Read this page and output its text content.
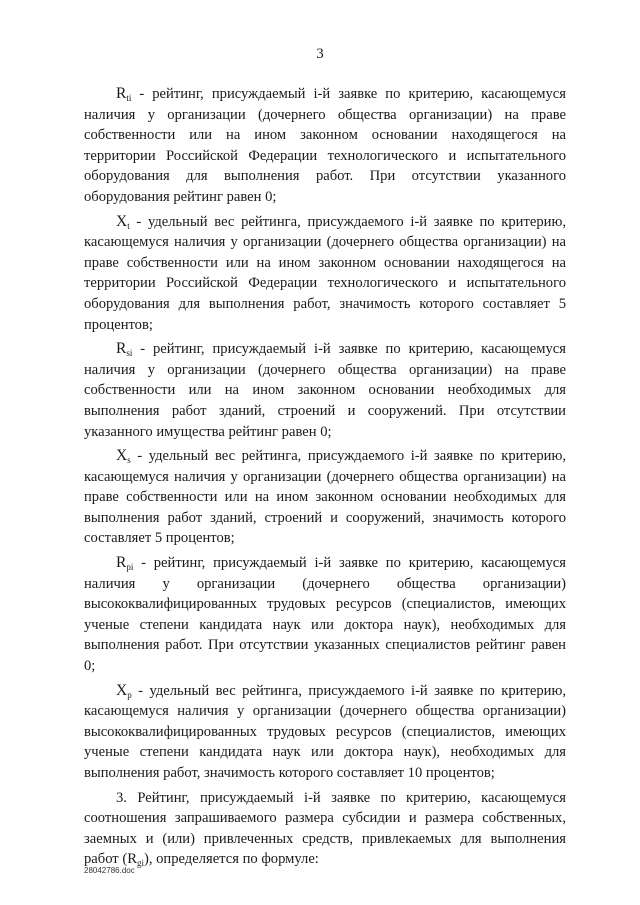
3

$R_{ti}$ - рейтинг, присуждаемый i-й заявке по критерию, касающемуся наличия у организации (дочернего общества организации) на праве собственности или на ином законном основании находящегося на территории Российской Федерации технологического и испытательного оборудования для выполнения работ. При отсутствии указанного оборудования рейтинг равен 0;

$X_t$ - удельный вес рейтинга, присуждаемого i-й заявке по критерию, касающемуся наличия у организации (дочернего общества организации) на праве собственности или на ином законном основании находящегося на территории Российской Федерации технологического и испытательного оборудования для выполнения работ, значимость которого составляет 5 процентов;

$R_{si}$ - рейтинг, присуждаемый i-й заявке по критерию, касающемуся наличия у организации (дочернего общества организации) на праве собственности или на ином законном основании необходимых для выполнения работ зданий, строений и сооружений. При отсутствии указанного имущества рейтинг равен 0;

$X_s$ - удельный вес рейтинга, присуждаемого i-й заявке по критерию, касающемуся наличия у организации (дочернего общества организации) на праве собственности или на ином законном основании необходимых для выполнения работ зданий, строений и сооружений, значимость которого составляет 5 процентов;

$R_{pi}$ - рейтинг, присуждаемый i-й заявке по критерию, касающемуся наличия у организации (дочернего общества организации) высококвалифицированных трудовых ресурсов (специалистов, имеющих ученые степени кандидата наук или доктора наук), необходимых для выполнения работ. При отсутствии указанных специалистов рейтинг равен 0;

$X_p$ - удельный вес рейтинга, присуждаемого i-й заявке по критерию, касающемуся наличия у организации (дочернего общества организации) высококвалифицированных трудовых ресурсов (специалистов, имеющих ученые степени кандидата наук или доктора наук), необходимых для выполнения работ, значимость которого составляет 10 процентов;

3. Рейтинг, присуждаемый i-й заявке по критерию, касающемуся соотношения запрашиваемого размера субсидии и размера собственных, заемных и (или) привлеченных средств, привлекаемых для выполнения работ $(R_{gi})$, определяется по формуле:

28042786.doc
